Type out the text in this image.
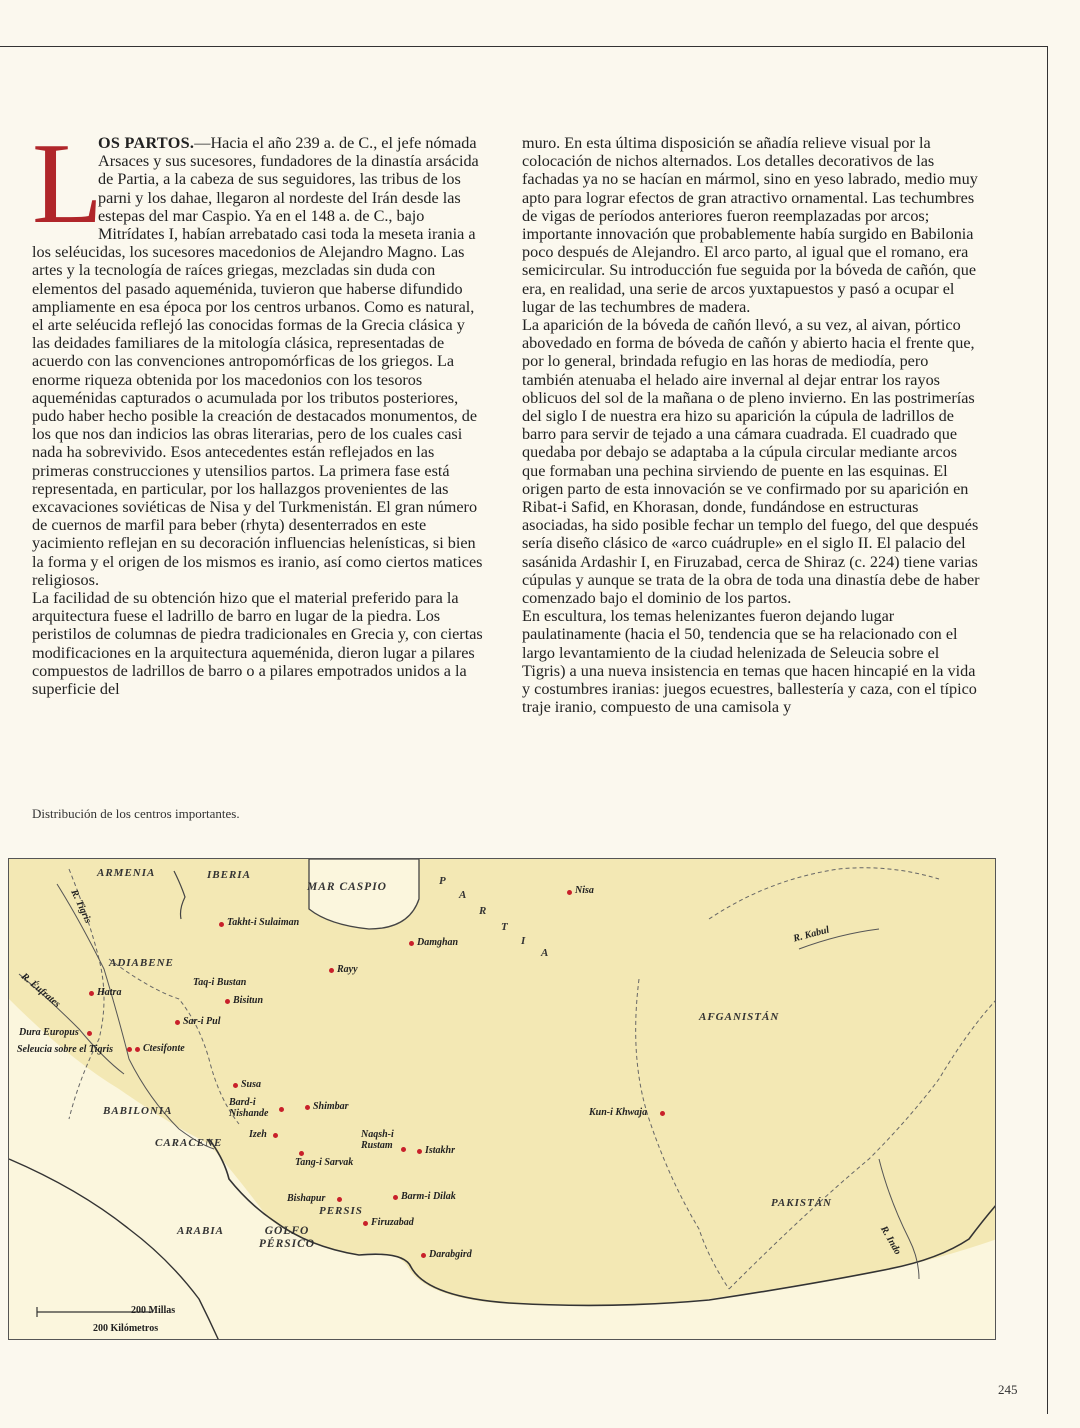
L

OS PARTOS.—Hacia el año 239 a. de C., el jefe nómada Arsaces y sus sucesores, fundadores de la dinastía arsácida de Partia, a la cabeza de sus seguidores, las tribus de los parni y los dahae, llegaron al nordeste del Irán desde las estepas del mar Caspio. Ya en el 148 a. de C., bajo Mitrídates I, habían arrebatado casi toda la meseta irania a los seléucidas, los sucesores macedonios de Alejandro Magno. Las artes y la tecnología de raíces griegas, mezcladas sin duda con elementos del pasado aqueménida, tuvieron que haberse difundido ampliamente en esa época por los centros urbanos. Como es natural, el arte seléucida reflejó las conocidas formas de la Grecia clásica y las deidades familiares de la mitología clásica, representadas de acuerdo con las convenciones antropomórficas de los griegos. La enorme riqueza obtenida por los macedonios con los tesoros aqueménidas capturados o acumulada por los tributos posteriores, pudo haber hecho posible la creación de destacados monumentos, de los que nos dan indicios las obras literarias, pero de los cuales casi nada ha sobrevivido. Esos antecedentes están reflejados en las primeras construcciones y utensilios partos. La primera fase está representada, en particular, por los hallazgos provenientes de las excavaciones soviéticas de Nisa y del Turkmenistán. El gran número de cuernos de marfil para beber (rhyta) desenterrados en este yacimiento reflejan en su decoración influencias helenísticas, si bien la forma y el origen de los mismos es iranio, así como ciertos matices religiosos.

La facilidad de su obtención hizo que el material preferido para la arquitectura fuese el ladrillo de barro en lugar de la piedra. Los peristilos de columnas de piedra tradicionales en Grecia y, con ciertas modificaciones en la arquitectura aqueménida, dieron lugar a pilares compuestos de ladrillos de barro o a pilares empotrados unidos a la superficie del

muro. En esta última disposición se añadía relieve visual por la colocación de nichos alternados. Los detalles decorativos de las fachadas ya no se hacían en mármol, sino en yeso labrado, medio muy apto para lograr efectos de gran atractivo ornamental. Las techumbres de vigas de períodos anteriores fueron reemplazadas por arcos; importante innovación que probablemente había surgido en Babilonia poco después de Alejandro. El arco parto, al igual que el romano, era semicircular. Su introducción fue seguida por la bóveda de cañón, que era, en realidad, una serie de arcos yuxtapuestos y pasó a ocupar el lugar de las techumbres de madera.

La aparición de la bóveda de cañón llevó, a su vez, al aivan, pórtico abovedado en forma de bóveda de cañón y abierto hacia el frente que, por lo general, brindada refugio en las horas de mediodía, pero también atenuaba el helado aire invernal al dejar entrar los rayos oblicuos del sol de la mañana o de pleno invierno. En las postrimerías del siglo I de nuestra era hizo su aparición la cúpula de ladrillos de barro para servir de tejado a una cámara cuadrada. El cuadrado que quedaba por debajo se adaptaba a la cúpula circular mediante arcos que formaban una pechina sirviendo de puente en las esquinas. El origen parto de esta innovación se ve confirmado por su aparición en Ribat-i Safid, en Khorasan, donde, fundándose en estructuras asociadas, ha sido posible fechar un templo del fuego, del que después sería diseño clásico de «arco cuádruple» en el siglo II. El palacio del sasánida Ardashir I, en Firuzabad, cerca de Shiraz (c. 224) tiene varias cúpulas y aunque se trata de la obra de toda una dinastía debe de haber comenzado bajo el dominio de los partos.

En escultura, los temas helenizantes fueron dejando lugar paulatinamente (hacia el 50, tendencia que se ha relacionado con el largo levantamiento de la ciudad helenizada de Seleucia sobre el Tigris) a una nueva insistencia en temas que hacen hincapié en la vida y costumbres iranias: juegos ecuestres, ballestería y caza, con el típico traje iranio, compuesto de una camisola y

Distribución de los centros importantes.
ARMENIA	IBERIA
ADIABENE
BABILONIA
CARACENE
ARABIA
PERSIS
AFGANISTÁN
PAKISTÁN
P
A
R
T
I
A
MAR CASPIO
GOLFO PÉRSICO
R. Tigris
R. Éufrates
R. Kabul
R. Indo
Nisa
Takht-i Sulaiman
Damghan
Rayy
Taq-i Bustan
Bisitun
Hatra
Sar-i Pul
Dura Europus
Seleucia sobre el Tigris	Ctesifonte
Susa
Bard-i Nishande
Shimbar
Izeh	Naqsh-i Rustam	Istakhr
Tang-i Sarvak
Bishapur	Barm-i Dilak
Firuzabad
Darabgird
Kun-i Khwaja
200 Millas
200 Kilómetros
245
